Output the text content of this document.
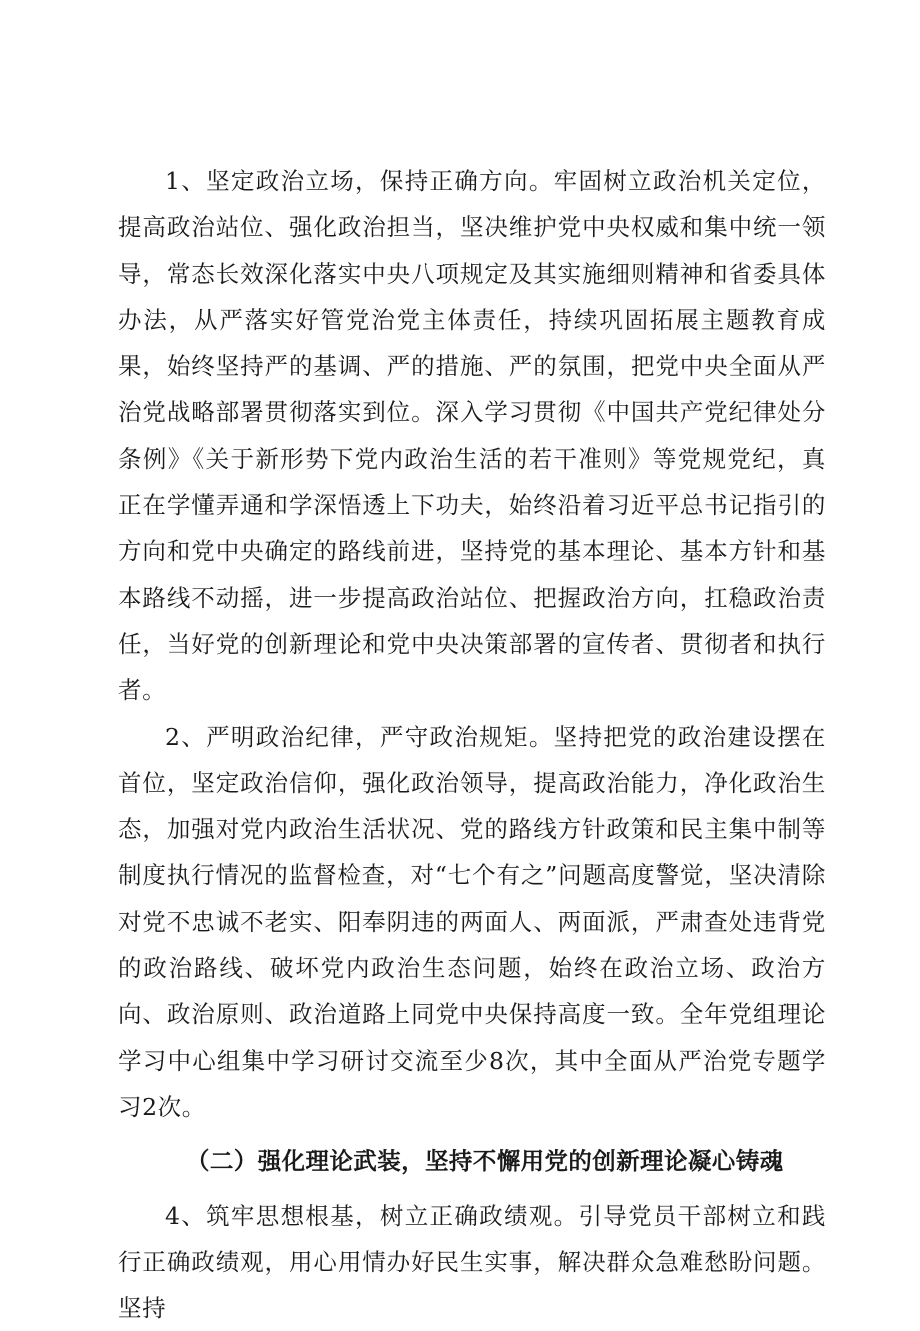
1、坚定政治立场，保持正确方向。牢固树立政治机关定位，提高政治站位、强化政治担当，坚决维护党中央权威和集中统一领导，常态长效深化落实中央八项规定及其实施细则精神和省委具体办法，从严落实好管党治党主体责任，持续巩固拓展主题教育成果，始终坚持严的基调、严的措施、严的氛围，把党中央全面从严治党战略部署贯彻落实到位。深入学习贯彻《中国共产党纪律处分条例》《关于新形势下党内政治生活的若干准则》等党规党纪，真正在学懂弄通和学深悟透上下功夫，始终沿着习近平总书记指引的方向和党中央确定的路线前进，坚持党的基本理论、基本方针和基本路线不动摇，进一步提高政治站位、把握政治方向，扛稳政治责任，当好党的创新理论和党中央决策部署的宣传者、贯彻者和执行者。

2、严明政治纪律，严守政治规矩。坚持把党的政治建设摆在首位，坚定政治信仰，强化政治领导，提高政治能力，净化政治生态，加强对党内政治生活状况、党的路线方针政策和民主集中制等制度执行情况的监督检查，对“七个有之”问题高度警觉，坚决清除对党不忠诚不老实、阳奉阴违的两面人、两面派，严肃查处违背党的政治路线、破坏党内政治生态问题，始终在政治立场、政治方向、政治原则、政治道路上同党中央保持高度一致。全年党组理论学习中心组集中学习研讨交流至少8次，其中全面从严治党专题学习2次。

（二）强化理论武装，坚持不懈用党的创新理论凝心铸魂

4、筑牢思想根基，树立正确政绩观。引导党员干部树立和践行正确政绩观，用心用情办好民生实事，解决群众急难愁盼问题。坚持
